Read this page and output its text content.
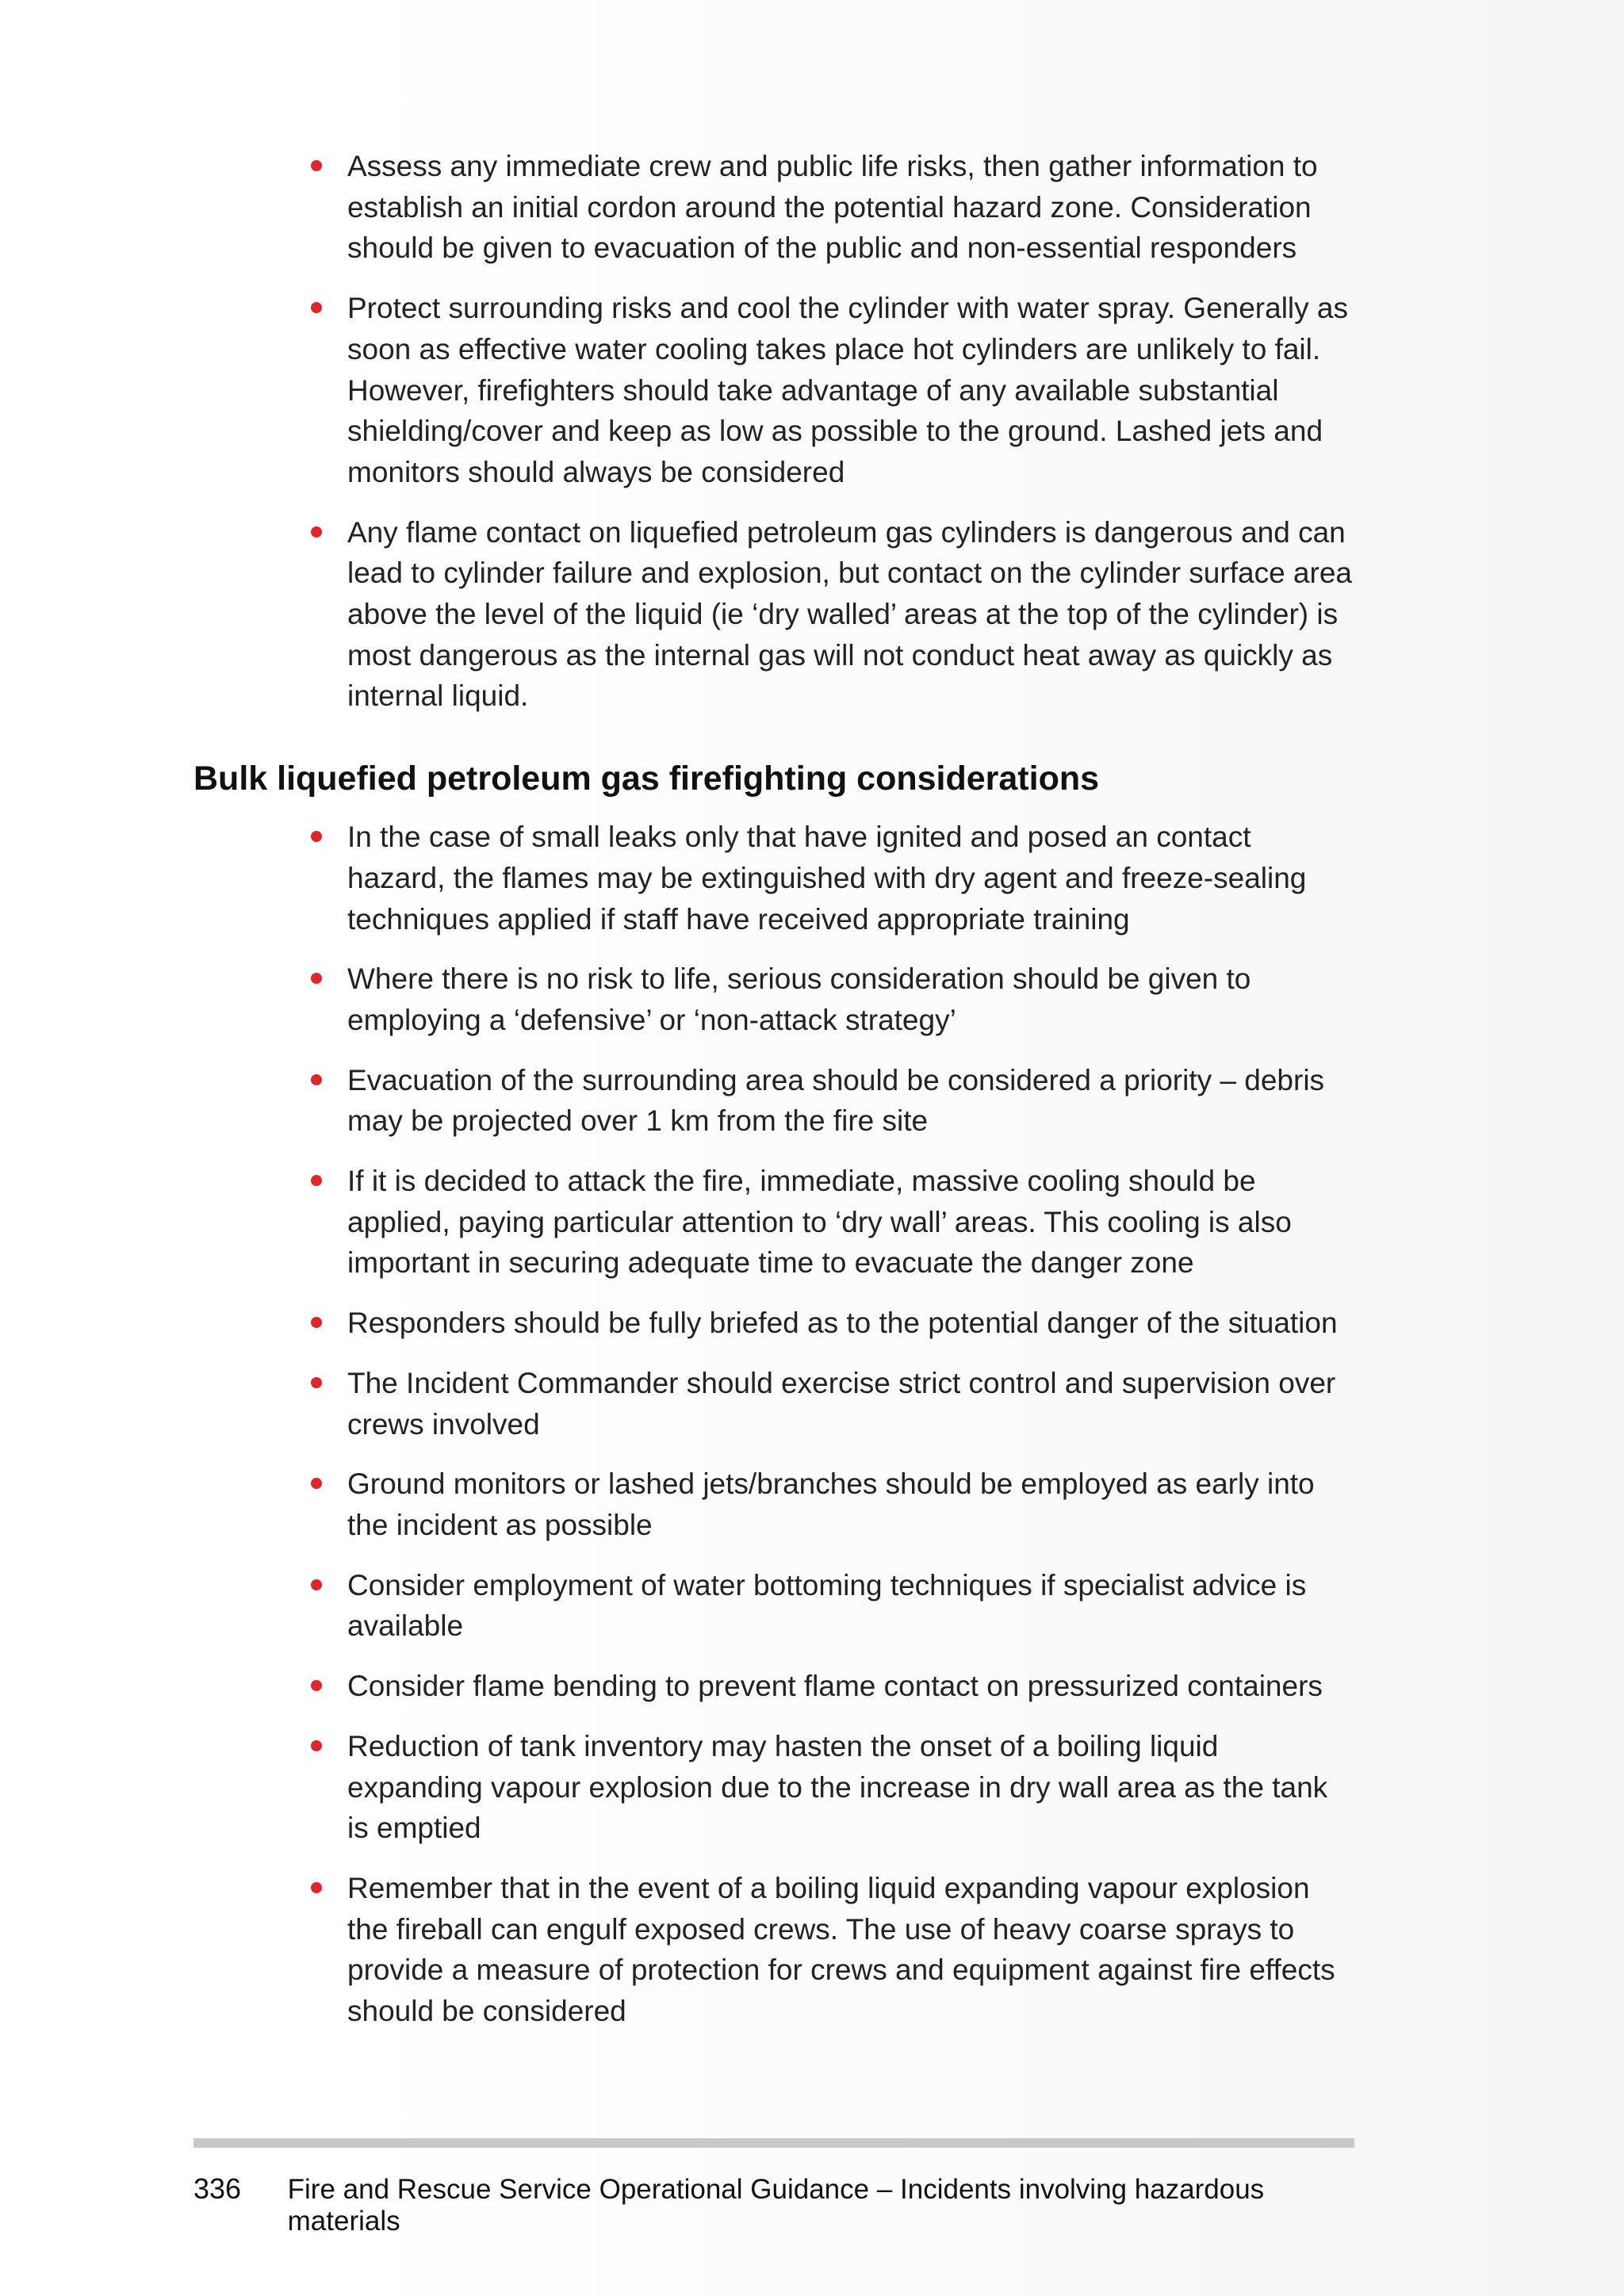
Assess any immediate crew and public life risks, then gather information to establish an initial cordon around the potential hazard zone. Consideration should be given to evacuation of the public and non-essential responders
Protect surrounding risks and cool the cylinder with water spray. Generally as soon as effective water cooling takes place hot cylinders are unlikely to fail. However, firefighters should take advantage of any available substantial shielding/cover and keep as low as possible to the ground. Lashed jets and monitors should always be considered
Any flame contact on liquefied petroleum gas cylinders is dangerous and can lead to cylinder failure and explosion, but contact on the cylinder surface area above the level of the liquid (ie ‘dry walled’ areas at the top of the cylinder) is most dangerous as the internal gas will not conduct heat away as quickly as internal liquid.
Bulk liquefied petroleum gas firefighting considerations
In the case of small leaks only that have ignited and posed an contact hazard, the flames may be extinguished with dry agent and freeze-sealing techniques applied if staff have received appropriate training
Where there is no risk to life, serious consideration should be given to employing a ‘defensive’ or ‘non-attack strategy’
Evacuation of the surrounding area should be considered a priority – debris may be projected over 1 km from the fire site
If it is decided to attack the fire, immediate, massive cooling should be applied, paying particular attention to ‘dry wall’ areas. This cooling is also important in securing adequate time to evacuate the danger zone
Responders should be fully briefed as to the potential danger of the situation
The Incident Commander should exercise strict control and supervision over crews involved
Ground monitors or lashed jets/branches should be employed as early into the incident as possible
Consider employment of water bottoming techniques if specialist advice is available
Consider flame bending to prevent flame contact on pressurized containers
Reduction of tank inventory may hasten the onset of a boiling liquid expanding vapour explosion due to the increase in dry wall area as the tank is emptied
Remember that in the event of a boiling liquid expanding vapour explosion the fireball can engulf exposed crews. The use of heavy coarse sprays to provide a measure of protection for crews and equipment against fire effects should be considered
336	Fire and Rescue Service Operational Guidance – Incidents involving hazardous materials
